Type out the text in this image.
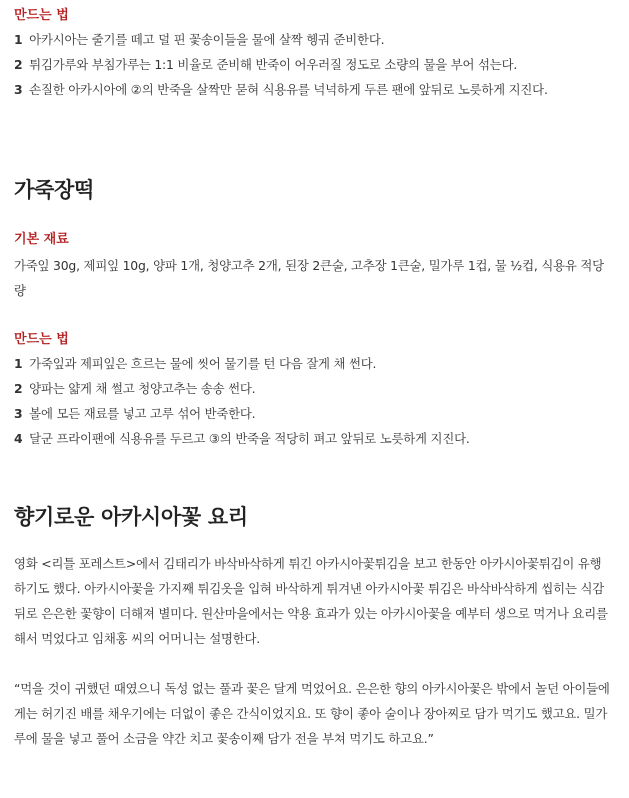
만드는 법

1 아카시아는 줄기를 떼고 덜 핀 꽃송이들을 물에 살짝 헹궈 준비한다.

2 튀김가루와 부침가루는 1:1 비율로 준비해 반죽이 어우러질 정도로 소량의 물을 부어 섞는다.

3 손질한 아카시아에 ②의 반죽을 살짝만 묻혀 식용유를 넉넉하게 두른 팬에 앞뒤로 노릇하게 지진다.

가죽장떡

기본 재료

가죽잎 30g, 제피잎 10g, 양파 1개, 청양고추 2개, 된장 2큰술, 고추장 1큰술, 밀가루 1컵, 물 ½컵, 식용유 적당량

만드는 법

1 가죽잎과 제피잎은 흐르는 물에 씻어 물기를 턴 다음 잘게 채 썬다.

2 양파는 얇게 채 썰고 청양고추는 송송 썬다.

3 볼에 모든 재료를 넣고 고루 섞어 반죽한다.

4 달군 프라이팬에 식용유를 두르고 ③의 반죽을 적당히 펴고 앞뒤로 노릇하게 지진다.

향기로운 아카시아꽃 요리

영화 <리틀 포레스트>에서 김태리가 바삭바삭하게 튀긴 아카시아꽃튀김을 보고 한동안 아카시아꽃튀김이 유행하기도 했다. 아카시아꽃을 가지째 튀김옷을 입혀 바삭하게 튀겨낸 아카시아꽃 튀김은 바삭바삭하게 씹히는 식감 뒤로 은은한 꽃향이 더해져 별미다. 원산마을에서는 약용 효과가 있는 아카시아꽃을 예부터 생으로 먹거나 요리를 해서 먹었다고 임채홍 씨의 어머니는 설명한다.

“먹을 것이 귀했던 때였으니 독성 없는 풀과 꽃은 달게 먹었어요. 은은한 향의 아카시아꽃은 밖에서 놀던 아이들에게는 허기진 배를 채우기에는 더없이 좋은 간식이었지요. 또 향이 좋아 술이나 장아찌로 담가 먹기도 했고요. 밀가루에 물을 넣고 풀어 소금을 약간 치고 꽃송이째 담가 전을 부쳐 먹기도 하고요.”
